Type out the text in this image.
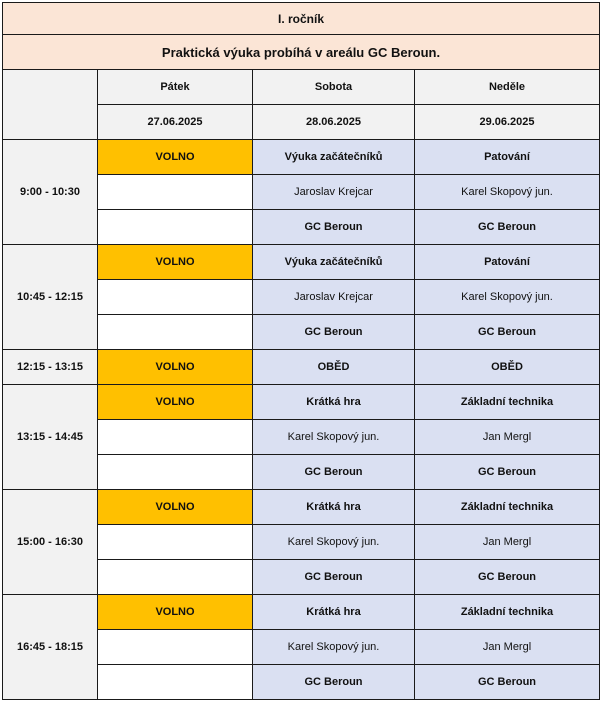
I. ročník			
Praktická výuka probíhá v areálu GC Beroun.			
	Pátek	Sobota	Neděle
	27.06.2025	28.06.2025	29.06.2025
9:00 - 10:30	VOLNO	Výuka začátečníků	Patování
		Jaroslav Krejcar	Karel Skopový jun.
		GC Beroun	GC Beroun
10:45 - 12:15	VOLNO	Výuka začátečníků	Patování
		Jaroslav Krejcar	Karel Skopový jun.
		GC Beroun	GC Beroun
12:15 - 13:15	VOLNO	OBĚD	OBĚD
13:15 - 14:45	VOLNO	Krátká hra	Základní technika
		Karel Skopový jun.	Jan Mergl
		GC Beroun	GC Beroun
15:00 - 16:30	VOLNO	Krátká hra	Základní technika
		Karel Skopový jun.	Jan Mergl
		GC Beroun	GC Beroun
16:45 - 18:15	VOLNO	Krátká hra	Základní technika
		Karel Skopový jun.	Jan Mergl
		GC Beroun	GC Beroun
